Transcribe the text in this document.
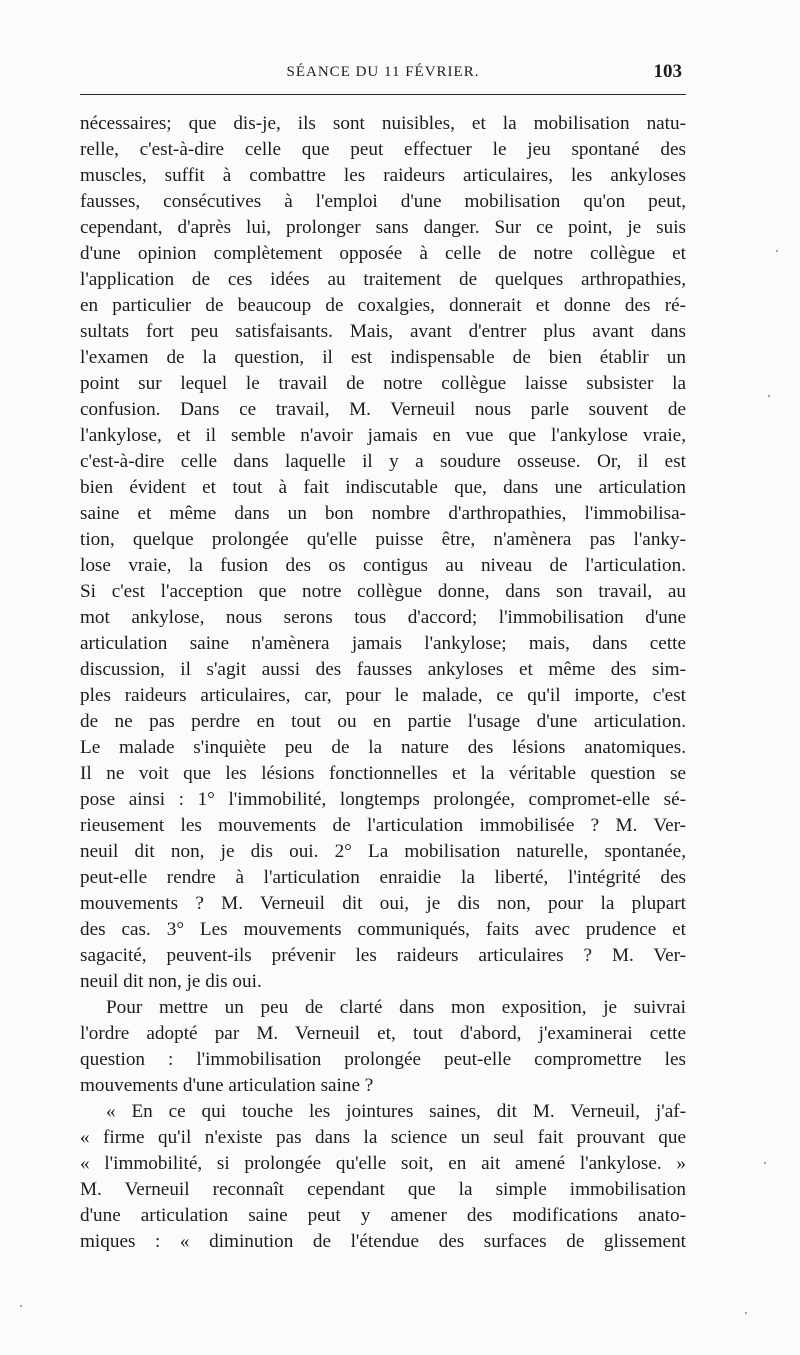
SÉANCE DU 11 FÉVRIER.	103
nécessaires; que dis-je, ils sont nuisibles, et la mobilisation natu-
relle, c'est-à-dire celle que peut effectuer le jeu spontané des
muscles, suffit à combattre les raideurs articulaires, les ankyloses
fausses, consécutives à l'emploi d'une mobilisation qu'on peut,
cependant, d'après lui, prolonger sans danger. Sur ce point, je suis
d'une opinion complètement opposée à celle de notre collègue et
l'application de ces idées au traitement de quelques arthropathies,
en particulier de beaucoup de coxalgies, donnerait et donne des ré-
sultats fort peu satisfaisants. Mais, avant d'entrer plus avant dans
l'examen de la question, il est indispensable de bien établir un
point sur lequel le travail de notre collègue laisse subsister la
confusion. Dans ce travail, M. Verneuil nous parle souvent de
l'ankylose, et il semble n'avoir jamais en vue que l'ankylose vraie,
c'est-à-dire celle dans laquelle il y a soudure osseuse. Or, il est
bien évident et tout à fait indiscutable que, dans une articulation
saine et même dans un bon nombre d'arthropathies, l'immobilisa-
tion, quelque prolongée qu'elle puisse être, n'amènera pas l'anky-
lose vraie, la fusion des os contigus au niveau de l'articulation.
Si c'est l'acception que notre collègue donne, dans son travail, au
mot ankylose, nous serons tous d'accord; l'immobilisation d'une
articulation saine n'amènera jamais l'ankylose; mais, dans cette
discussion, il s'agit aussi des fausses ankyloses et même des sim-
ples raideurs articulaires, car, pour le malade, ce qu'il importe, c'est
de ne pas perdre en tout ou en partie l'usage d'une articulation.
Le malade s'inquiète peu de la nature des lésions anatomiques.
Il ne voit que les lésions fonctionnelles et la véritable question se
pose ainsi : 1° l'immobilité, longtemps prolongée, compromet-elle sé-
rieusement les mouvements de l'articulation immobilisée ? M. Ver-
neuil dit non, je dis oui. 2° La mobilisation naturelle, spontanée,
peut-elle rendre à l'articulation enraidie la liberté, l'intégrité des
mouvements ? M. Verneuil dit oui, je dis non, pour la plupart
des cas. 3° Les mouvements communiqués, faits avec prudence et
sagacité, peuvent-ils prévenir les raideurs articulaires ? M. Ver-
neuil dit non, je dis oui.
Pour mettre un peu de clarté dans mon exposition, je suivrai
l'ordre adopté par M. Verneuil et, tout d'abord, j'examinerai cette
question : l'immobilisation prolongée peut-elle compromettre les
mouvements d'une articulation saine ?
« En ce qui touche les jointures saines, dit M. Verneuil, j'af-
« firme qu'il n'existe pas dans la science un seul fait prouvant que
« l'immobilité, si prolongée qu'elle soit, en ait amené l'ankylose. »
M. Verneuil reconnaît cependant que la simple immobilisation
d'une articulation saine peut y amener des modifications anato-
miques : « diminution de l'étendue des surfaces de glissement
